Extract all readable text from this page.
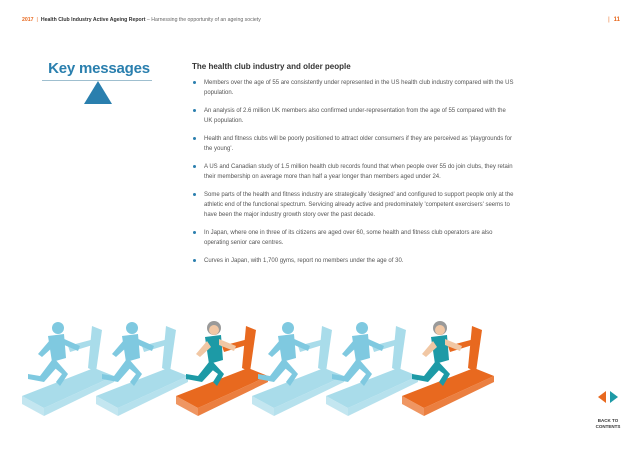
2017 | Health Club Industry Active Ageing Report – Harnessing the opportunity of an ageing society	| 11
Key messages	The health club industry and older people
Members over the age of 55 are consistently under represented in the US health club industry compared with the US population.
An analysis of 2.6 million UK members also confirmed under-representation from the age of 55 compared with the UK population.
Health and fitness clubs will be poorly positioned to attract older consumers if they are perceived as 'playgrounds for the young'.
A US and Canadian study of 1.5 million health club records found that when people over 55 do join clubs, they retain their membership on average more than half a year longer than members aged under 24.
Some parts of the health and fitness industry are strategically 'designed' and configured to support people only at the athletic end of the functional spectrum. Servicing already active and predominately 'competent exercisers' seems to have been the major industry growth story over the past decade.
In Japan, where one in three of its citizens are aged over 60, some health and fitness club operators are also operating senior care centres.
Curves in Japan, with 1,700 gyms, report no members under the age of 30.
BACK TO
CONTENTS
